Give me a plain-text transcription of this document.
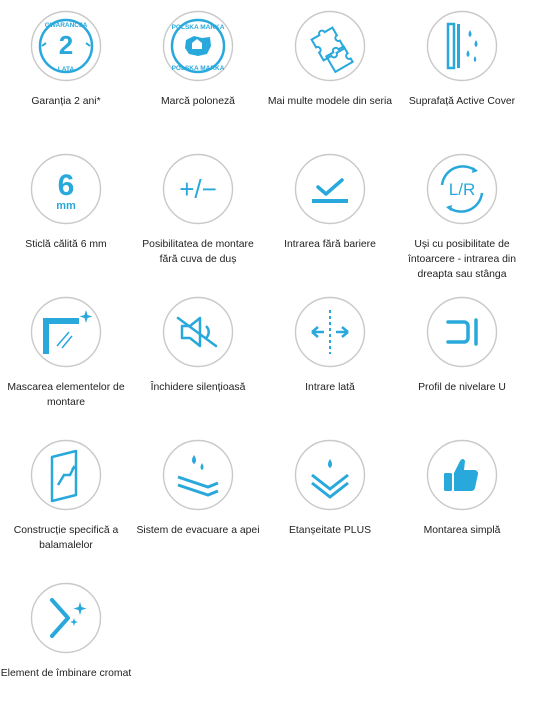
2
GWARANCJA
LATA
Garanția 2 ani*
POLSKA MARKA
POLSKA MARKA
Marcă poloneză	Mai multe modele din seria	Suprafață Active Cover
6
mm
Sticlă călită 6 mm
+/−
Posibilitatea de montare fără cuva de duș
Intrarea fără bariere
L/R
Uși cu posibilitate de întoarcere - intrarea din dreapta sau stânga
Mascarea elementelor de montare
Închidere silențioasă	Intrare lată	Profil de nivelare U
Construcție specifică a balamalelor
Sistem de evacuare a apei	Etanșeitate PLUS	Montarea simplă
Element de îmbinare cromat
